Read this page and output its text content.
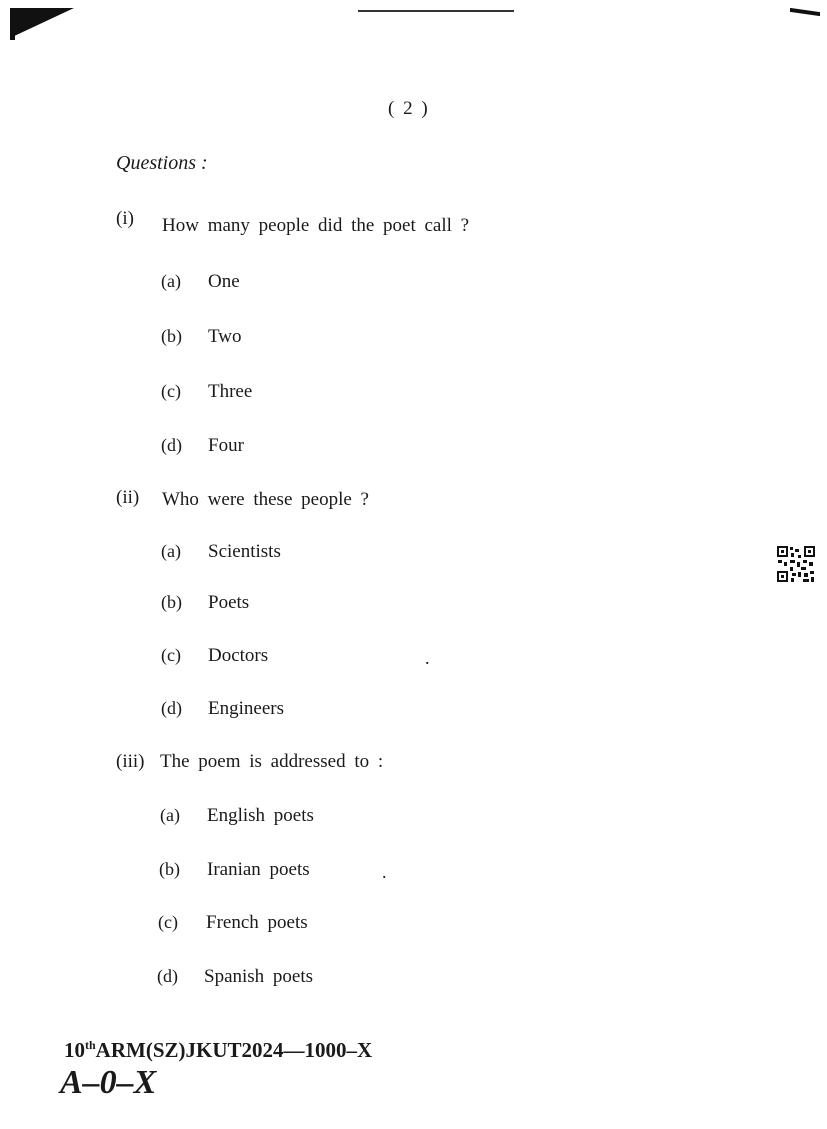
( 2 )
Questions :
(i) How many people did the poet call ?
(a) One
(b) Two
(c) Three
(d) Four
(ii) Who were these people ?
(a) Scientists
(b) Poets
(c) Doctors
(d) Engineers
(iii) The poem is addressed to :
(a) English poets
(b) Iranian poets
(c) French poets
(d) Spanish poets
.
.
10thARM(SZ)JKUT2024—1000–X
A–0–X
